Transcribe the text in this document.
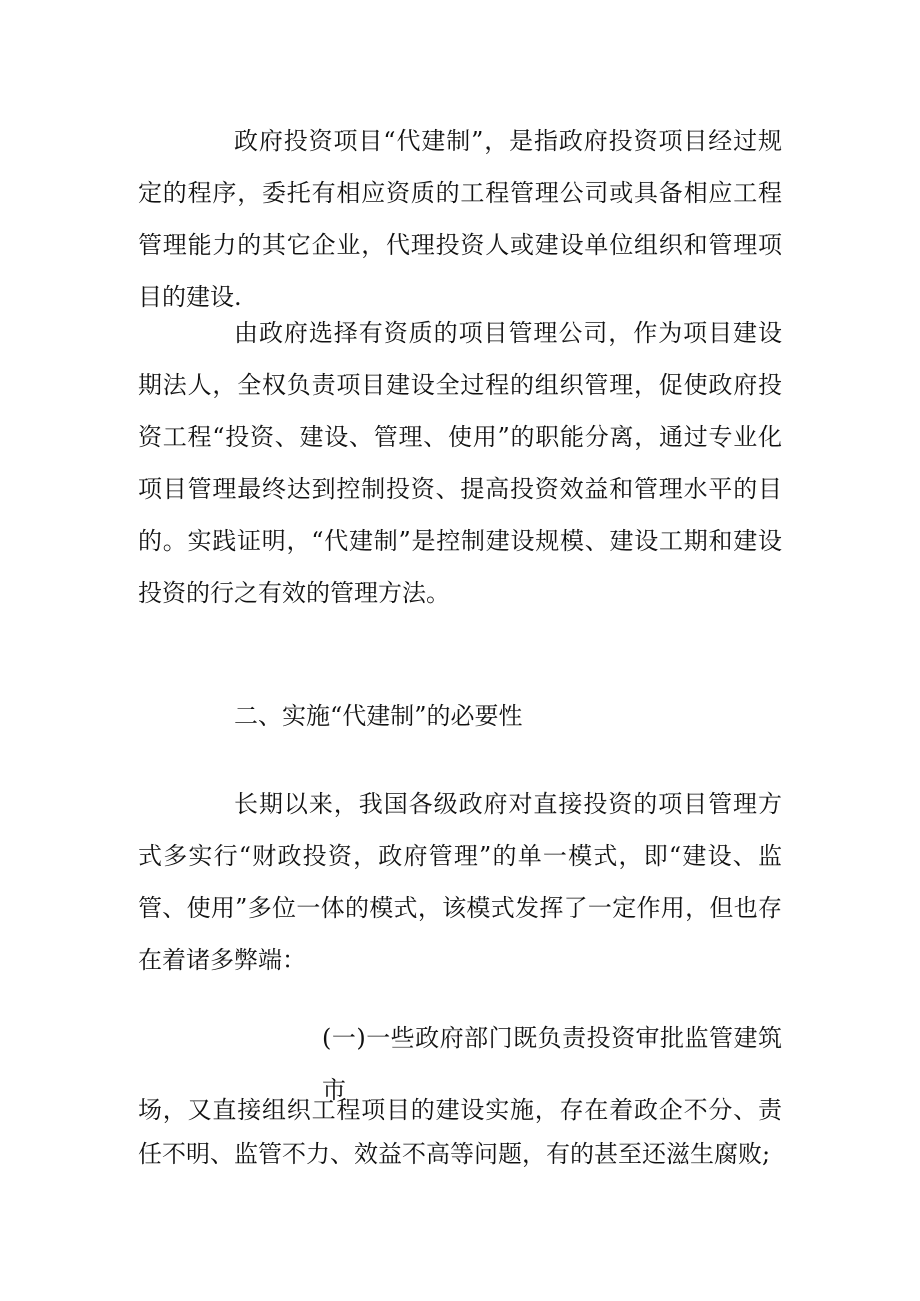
政府投资项目“代建制”，是指政府投资项目经过规定的程序，委托有相应资质的工程管理公司或具备相应工程管理能力的其它企业，代理投资人或建设单位组织和管理项目的建设.

由政府选择有资质的项目管理公司，作为项目建设期法人，全权负责项目建设全过程的组织管理，促使政府投资工程“投资、建设、管理、使用”的职能分离，通过专业化项目管理最终达到控制投资、提高投资效益和管理水平的目的。实践证明，“代建制”是控制建设规模、建设工期和建设投资的行之有效的管理方法。

二、实施“代建制”的必要性

长期以来，我国各级政府对直接投资的项目管理方式多实行“财政投资，政府管理”的单一模式，即“建设、监管、使用”多位一体的模式，该模式发挥了一定作用，但也存在着诸多弊端：

(一)一些政府部门既负责投资审批监管建筑市

场，又直接组织工程项目的建设实施，存在着政企不分、责任不明、监管不力、效益不高等问题，有的甚至还滋生腐败;
